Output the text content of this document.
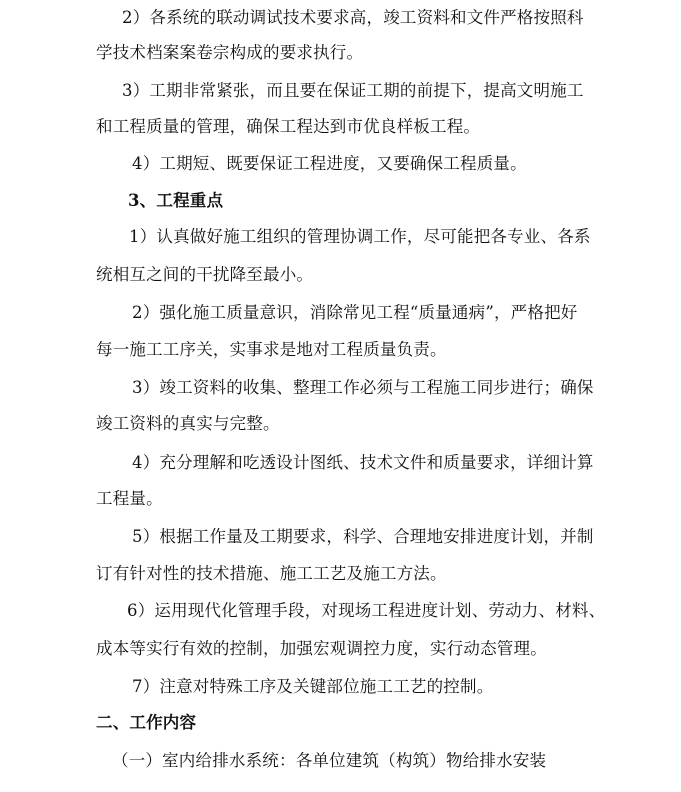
2）各系统的联动调试技术要求高，竣工资料和文件严格按照科
学技术档案案卷宗构成的要求执行。
3）工期非常紧张，而且要在保证工期的前提下，提高文明施工
和工程质量的管理，确保工程达到市优良样板工程。
4）工期短、既要保证工程进度，又要确保工程质量。
3、工程重点
1）认真做好施工组织的管理协调工作，尽可能把各专业、各系
统相互之间的干扰降至最小。
2）强化施工质量意识，消除常见工程“质量通病”，严格把好
每一施工工序关，实事求是地对工程质量负责。
3）竣工资料的收集、整理工作必须与工程施工同步进行；确保
竣工资料的真实与完整。
4）充分理解和吃透设计图纸、技术文件和质量要求，详细计算
工程量。
5）根据工作量及工期要求，科学、合理地安排进度计划，并制
订有针对性的技术措施、施工工艺及施工方法。
6）运用现代化管理手段，对现场工程进度计划、劳动力、材料、
成本等实行有效的控制，加强宏观调控力度，实行动态管理。
7）注意对特殊工序及关键部位施工工艺的控制。
二、工作内容
（一）室内给排水系统：各单位建筑（构筑）物给排水安装
